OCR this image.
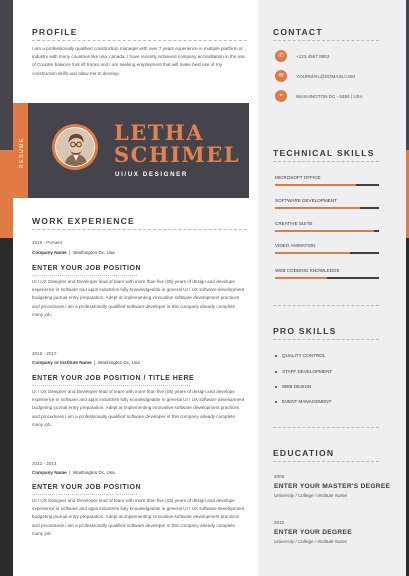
PROFILE
I am a professionally qualified construction manager with over 7 years experience in multiple platform or industry with many countries like usa, canada. I have recently achieved company accreditation in the use of Counter balance fork lift trucks and I am seeking employment that will make best use of my construction skills and allow me to develop.
RESUME
LETHA
SCHIMEL
UI/UX DESIGNER
WORK EXPERIENCE
2016 - Present
Company Name  |  Washington Dc, Usa
ENTER YOUR JOB POSITION
UI / UX Designer and Developer lead of team with more than five (05) years of design and develope experience in software and apps industries fully knowledgeable in general UI / UX software development budgeting journal entry preparation. Adept at implementing innovative software development practices and procedures i am a professionally qualified software developer in this company already complete many job.
2015 - 2017
Company or Institute Name  |  Washington Dc, Usa
ENTER YOUR JOB POSITION / TITLE HERE
UI / UX Designer and Developer lead of team with more than five (05) years of design and develope experience in software and apps industries fully knowledgeable in general UI / UX software development budgeting journal entry preparation. Adept at implementing innovative software development practices and procedures i am a professionally qualified software developer in this company already complete many job.
2012 - 2014
Company Name  |  Washington Dc, Usa
ENTER YOUR JOB POSITION
UI / UX Designer and Developer lead of team with more than five (05) years of design and develope experience in software and apps industries fully knowledgeable in general UI / UX software development budgeting journal entry preparation. Adept at implementing innovative software development practices and procedures i am a professionally qualified software developer in this company already complete many job.
CONTACT
✆	+123 4567 8953
✉	YOURMAIL@DOMAIN.COM
⌖	WASHINGTON DC - 8450 | USA
TECHNICAL SKILLS
MICROSOFT OFFICE
SOFTWARE DEVELOPMENT
CREATIVE SUITE
VIDEO ANIMATION
WEB CODDING KNOWLEDGE
PRO SKILLS
QUALITY CONTROL
STAFF DEVELOPMENT
WEB DESIGN
EVENT MANAGEMENT
EDUCATION
2009
ENTER YOUR MASTER'S DEGREE
University / College / Institute Name
2012
ENTER YOUR DEGREE
University / College / Institute Name
